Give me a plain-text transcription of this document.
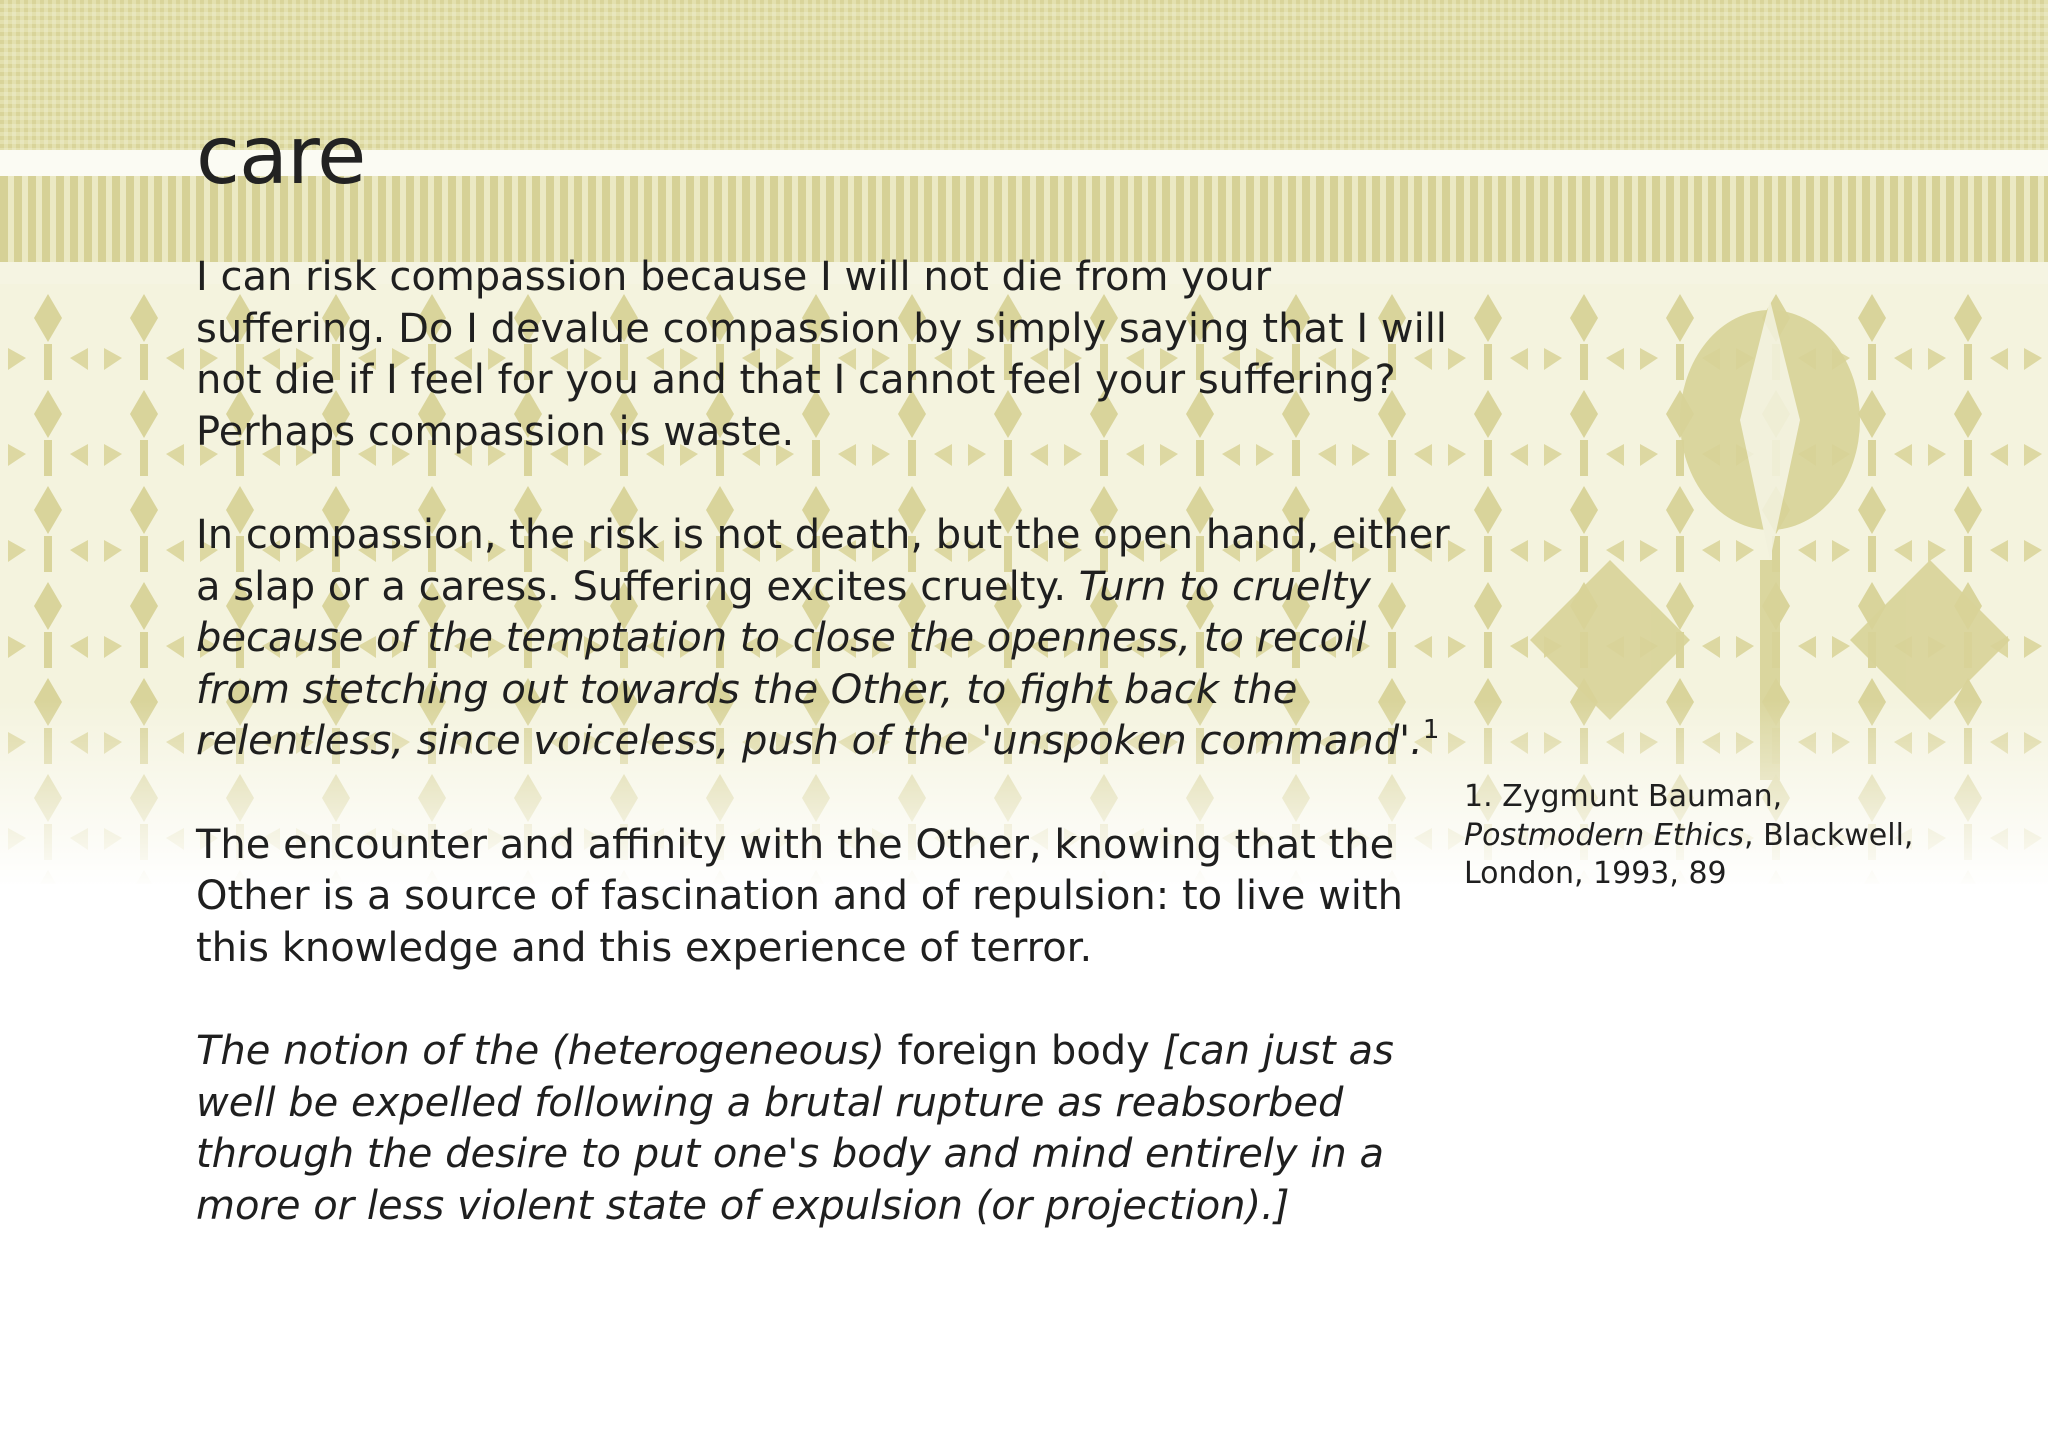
care

I can risk compassion because I will not die from your suffering. Do I devalue compassion by simply saying that I will not die if I feel for you and that I cannot feel your suffering? Perhaps compassion is waste.

In compassion, the risk is not death, but the open hand, either a slap or a caress. Suffering excites cruelty. Turn to cruelty because of the temptation to close the openness, to recoil from stetching out towards the Other, to fight back the relentless, since voiceless, push of the 'unspoken command'.$^1$

The encounter and affinity with the Other, knowing that the Other is a source of fascination and of repulsion: to live with this knowledge and this experience of terror.

The notion of the (heterogeneous) foreign body [can just as well be expelled following a brutal rupture as reabsorbed through the desire to put one's body and mind entirely in a more or less violent state of expulsion (or projection).]

1. Zygmunt Bauman,
Postmodern Ethics, Blackwell, London, 1993, 89
